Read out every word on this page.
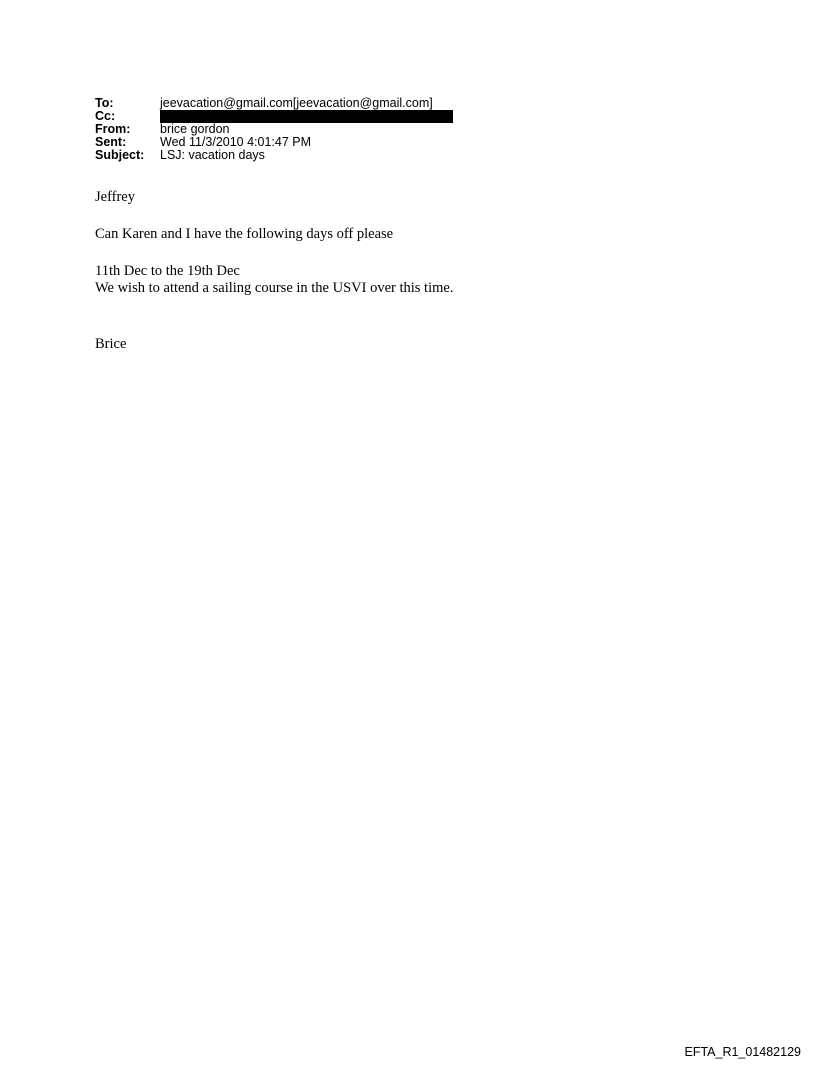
To:	jeevacation@gmail.com[jeevacation@gmail.com]
Cc:
From:	brice gordon
Sent:	Wed 11/3/2010 4:01:47 PM
Subject:	LSJ: vacation days
Jeffrey
Can Karen and I have the following days off please
11th Dec to the 19th Dec
We wish to attend a sailing course in the USVI over this time.
Brice
EFTA_R1_01482129
